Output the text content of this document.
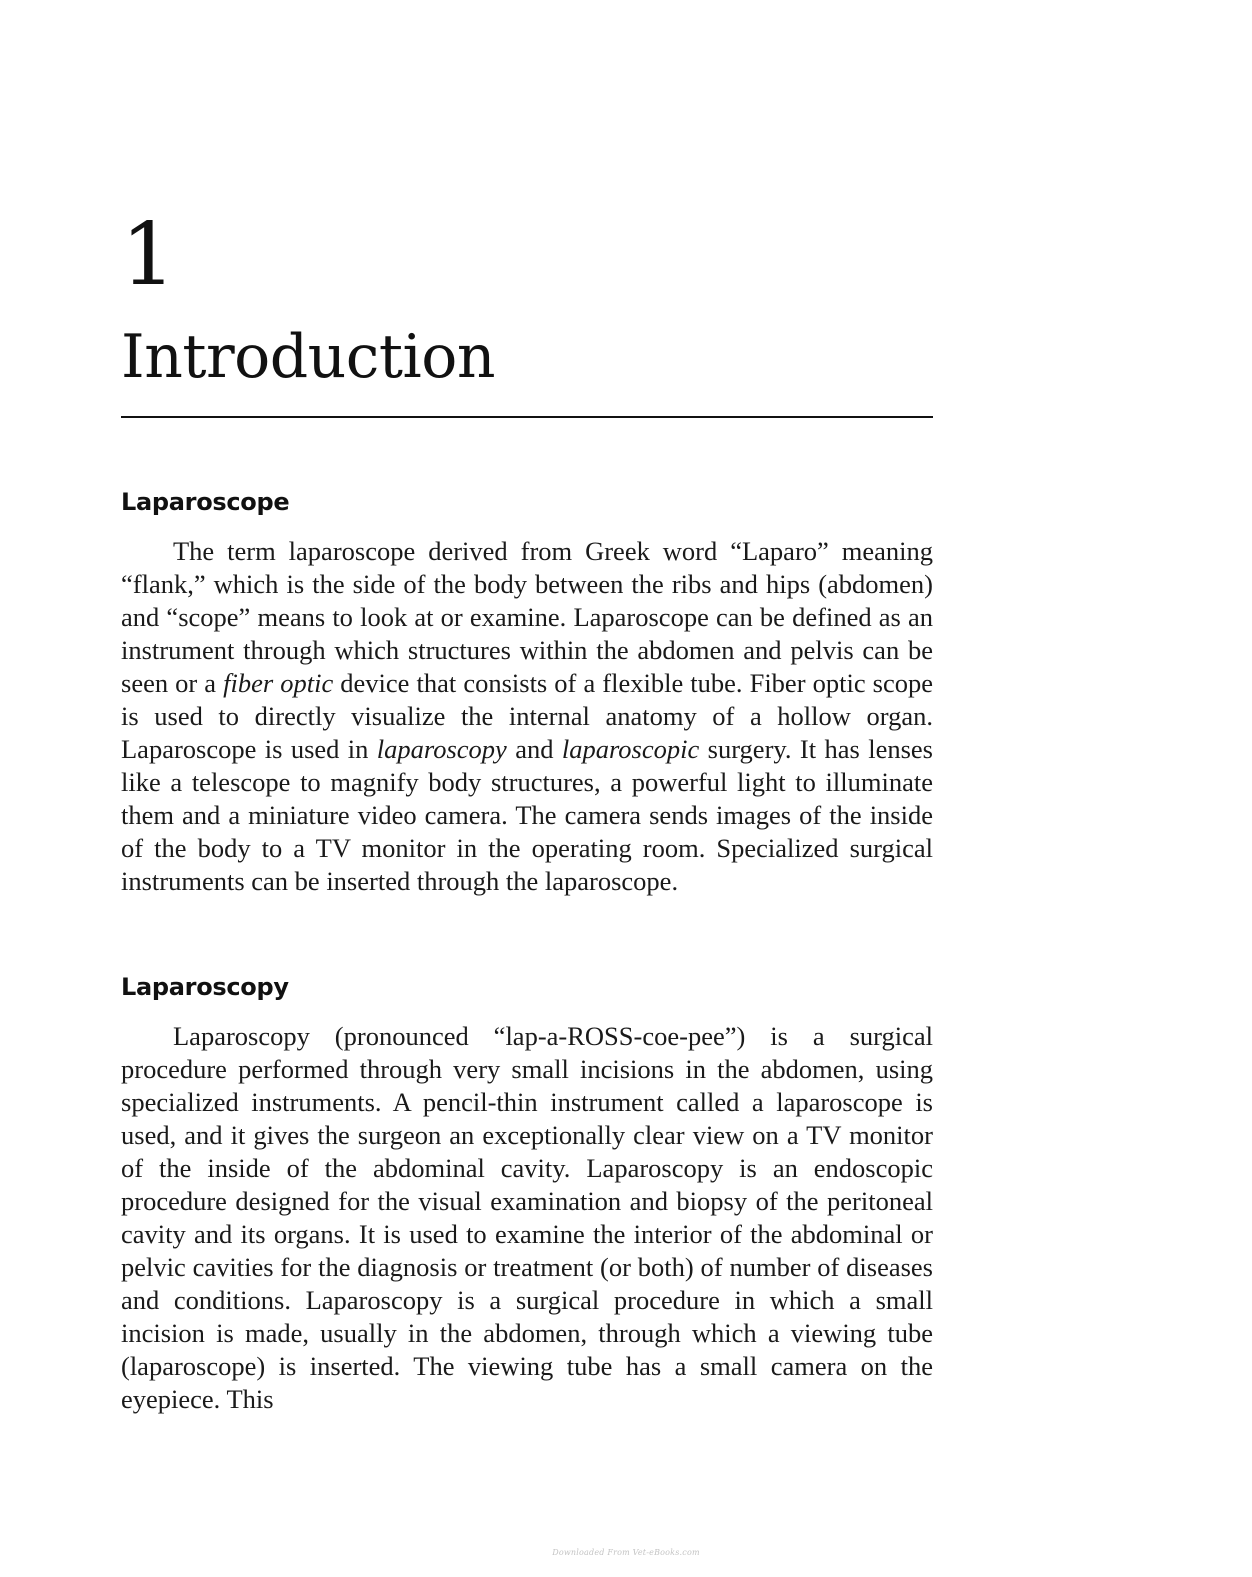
1
Introduction
Laparoscope

The term laparoscope derived from Greek word “Laparo” meaning “flank,” which is the side of the body between the ribs and hips (abdomen) and “scope” means to look at or examine. Laparoscope can be defined as an instrument through which structures within the abdomen and pelvis can be seen or a fiber optic device that consists of a flexible tube. Fiber optic scope is used to directly visualize the internal anatomy of a hollow organ. Laparoscope is used in laparoscopy and laparoscopic surgery. It has lenses like a telescope to magnify body structures, a powerful light to illuminate them and a miniature video camera. The camera sends images of the inside of the body to a TV monitor in the operating room. Specialized surgical instruments can be inserted through the laparoscope.

Laparoscopy

Laparoscopy (pronounced “lap-a-ROSS-coe-pee”) is a surgical procedure performed through very small incisions in the abdomen, using specialized instruments. A pencil-thin instrument called a laparoscope is used, and it gives the surgeon an exceptionally clear view on a TV monitor of the inside of the abdominal cavity. Laparoscopy is an endoscopic procedure designed for the visual examination and biopsy of the peritoneal cavity and its organs. It is used to examine the interior of the abdominal or pelvic cavities for the diagnosis or treatment (or both) of number of diseases and conditions. Laparoscopy is a surgical procedure in which a small incision is made, usually in the abdomen, through which a viewing tube (laparoscope) is inserted. The viewing tube has a small camera on the eyepiece. This

Downloaded From Vet-eBooks.com
